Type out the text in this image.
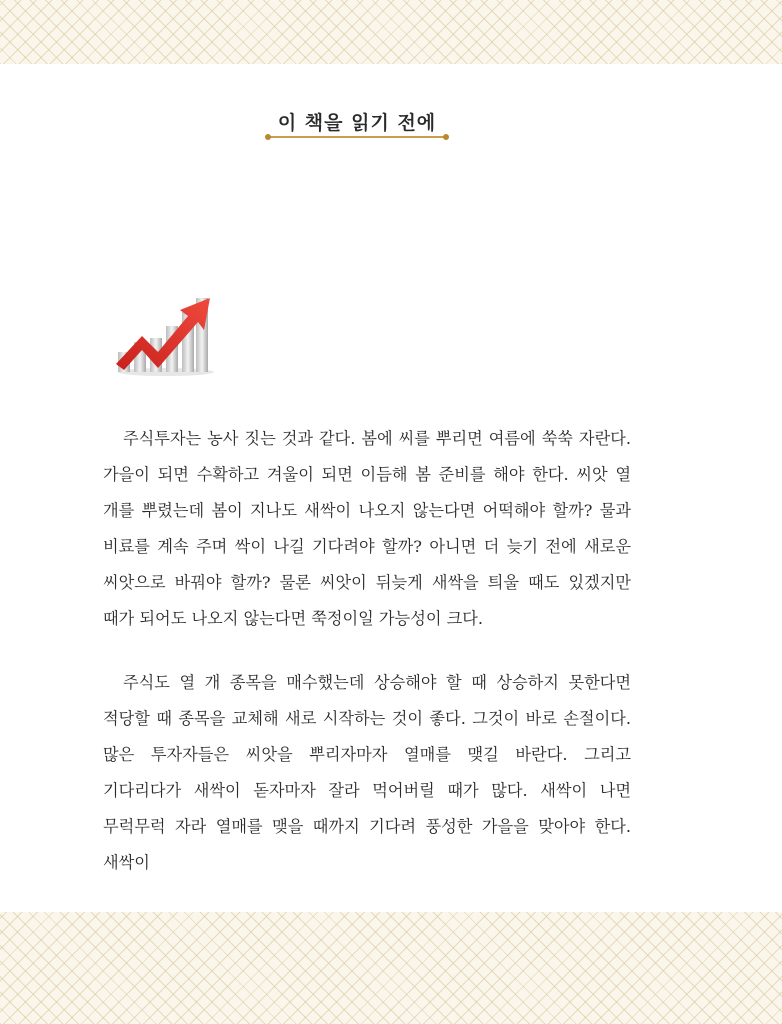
이 책을 읽기 전에

주식투자는 농사 짓는 것과 같다. 봄에 씨를 뿌리면 여름에 쑥쑥 자란다. 가을이 되면 수확하고 겨울이 되면 이듬해 봄 준비를 해야 한다. 씨앗 열 개를 뿌렸는데 봄이 지나도 새싹이 나오지 않는다면 어떡해야 할까? 물과 비료를 계속 주며 싹이 나길 기다려야 할까? 아니면 더 늦기 전에 새로운 씨앗으로 바꿔야 할까? 물론 씨앗이 뒤늦게 새싹을 틔울 때도 있겠지만 때가 되어도 나오지 않는다면 쭉정이일 가능성이 크다.

주식도 열 개 종목을 매수했는데 상승해야 할 때 상승하지 못한다면 적당할 때 종목을 교체해 새로 시작하는 것이 좋다. 그것이 바로 손절이다. 많은 투자자들은 씨앗을 뿌리자마자 열매를 맺길 바란다. 그리고 기다리다가 새싹이 돋자마자 잘라 먹어버릴 때가 많다. 새싹이 나면 무럭무럭 자라 열매를 맺을 때까지 기다려 풍성한 가을을 맞아야 한다. 새싹이
